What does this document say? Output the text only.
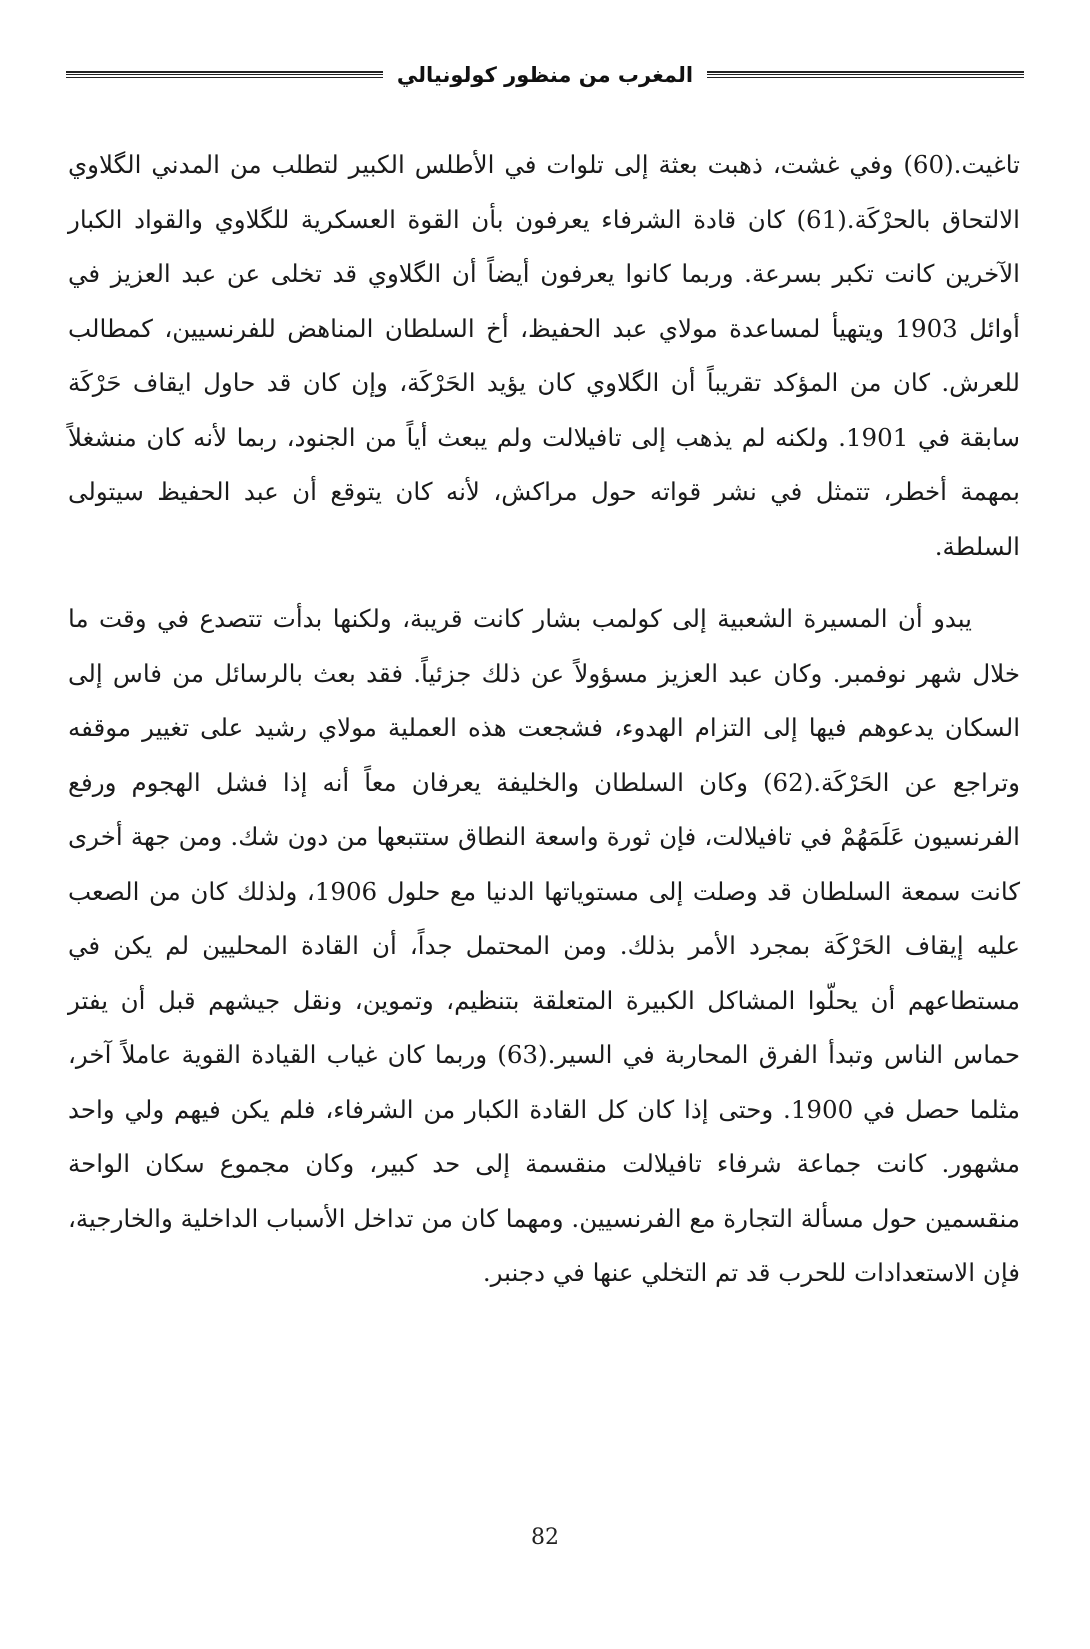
المغرب من منظور كولونيالي

تاغيت.(60) وفي غشت، ذهبت بعثة إلى تلوات في الأطلس الكبير لتطلب من المدني الگلاوي الالتحاق بالحرْكَة.(61) كان قادة الشرفاء يعرفون بأن القوة العسكرية للگلاوي والقواد الكبار الآخرين كانت تكبر بسرعة. وربما كانوا يعرفون أيضاً أن الگلاوي قد تخلى عن عبد العزيز في أوائل 1903 ويتهيأ لمساعدة مولاي عبد الحفيظ، أخ السلطان المناهض للفرنسيين، كمطالب للعرش. كان من المؤكد تقريباً أن الگلاوي كان يؤيد الحَرْكَة، وإن كان قد حاول ايقاف حَرْكَة سابقة في 1901. ولكنه لم يذهب إلى تافيلالت ولم يبعث أياً من الجنود، ربما لأنه كان منشغلاً بمهمة أخطر، تتمثل في نشر قواته حول مراكش، لأنه كان يتوقع أن عبد الحفيظ سيتولى السلطة.

يبدو أن المسيرة الشعبية إلى كولمب بشار كانت قريبة، ولكنها بدأت تتصدع في وقت ما خلال شهر نوفمبر. وكان عبد العزيز مسؤولاً عن ذلك جزئياً. فقد بعث بالرسائل من فاس إلى السكان يدعوهم فيها إلى التزام الهدوء، فشجعت هذه العملية مولاي رشيد على تغيير موقفه وتراجع عن الحَرْكَة.(62) وكان السلطان والخليفة يعرفان معاً أنه إذا فشل الهجوم ورفع الفرنسيون عَلَمَهُمْ في تافيلالت، فإن ثورة واسعة النطاق ستتبعها من دون شك. ومن جهة أخرى كانت سمعة السلطان قد وصلت إلى مستوياتها الدنيا مع حلول 1906، ولذلك كان من الصعب عليه إيقاف الحَرْكَة بمجرد الأمر بذلك. ومن المحتمل جداً، أن القادة المحليين لم يكن في مستطاعهم أن يحلّوا المشاكل الكبيرة المتعلقة بتنظيم، وتموين، ونقل جيشهم قبل أن يفتر حماس الناس وتبدأ الفرق المحاربة في السير.(63) وربما كان غياب القيادة القوية عاملاً آخر، مثلما حصل في 1900. وحتى إذا كان كل القادة الكبار من الشرفاء، فلم يكن فيهم ولي واحد مشهور. كانت جماعة شرفاء تافيلالت منقسمة إلى حد كبير، وكان مجموع سكان الواحة منقسمين حول مسألة التجارة مع الفرنسيين. ومهما كان من تداخل الأسباب الداخلية والخارجية، فإن الاستعدادات للحرب قد تم التخلي عنها في دجنبر.

82
